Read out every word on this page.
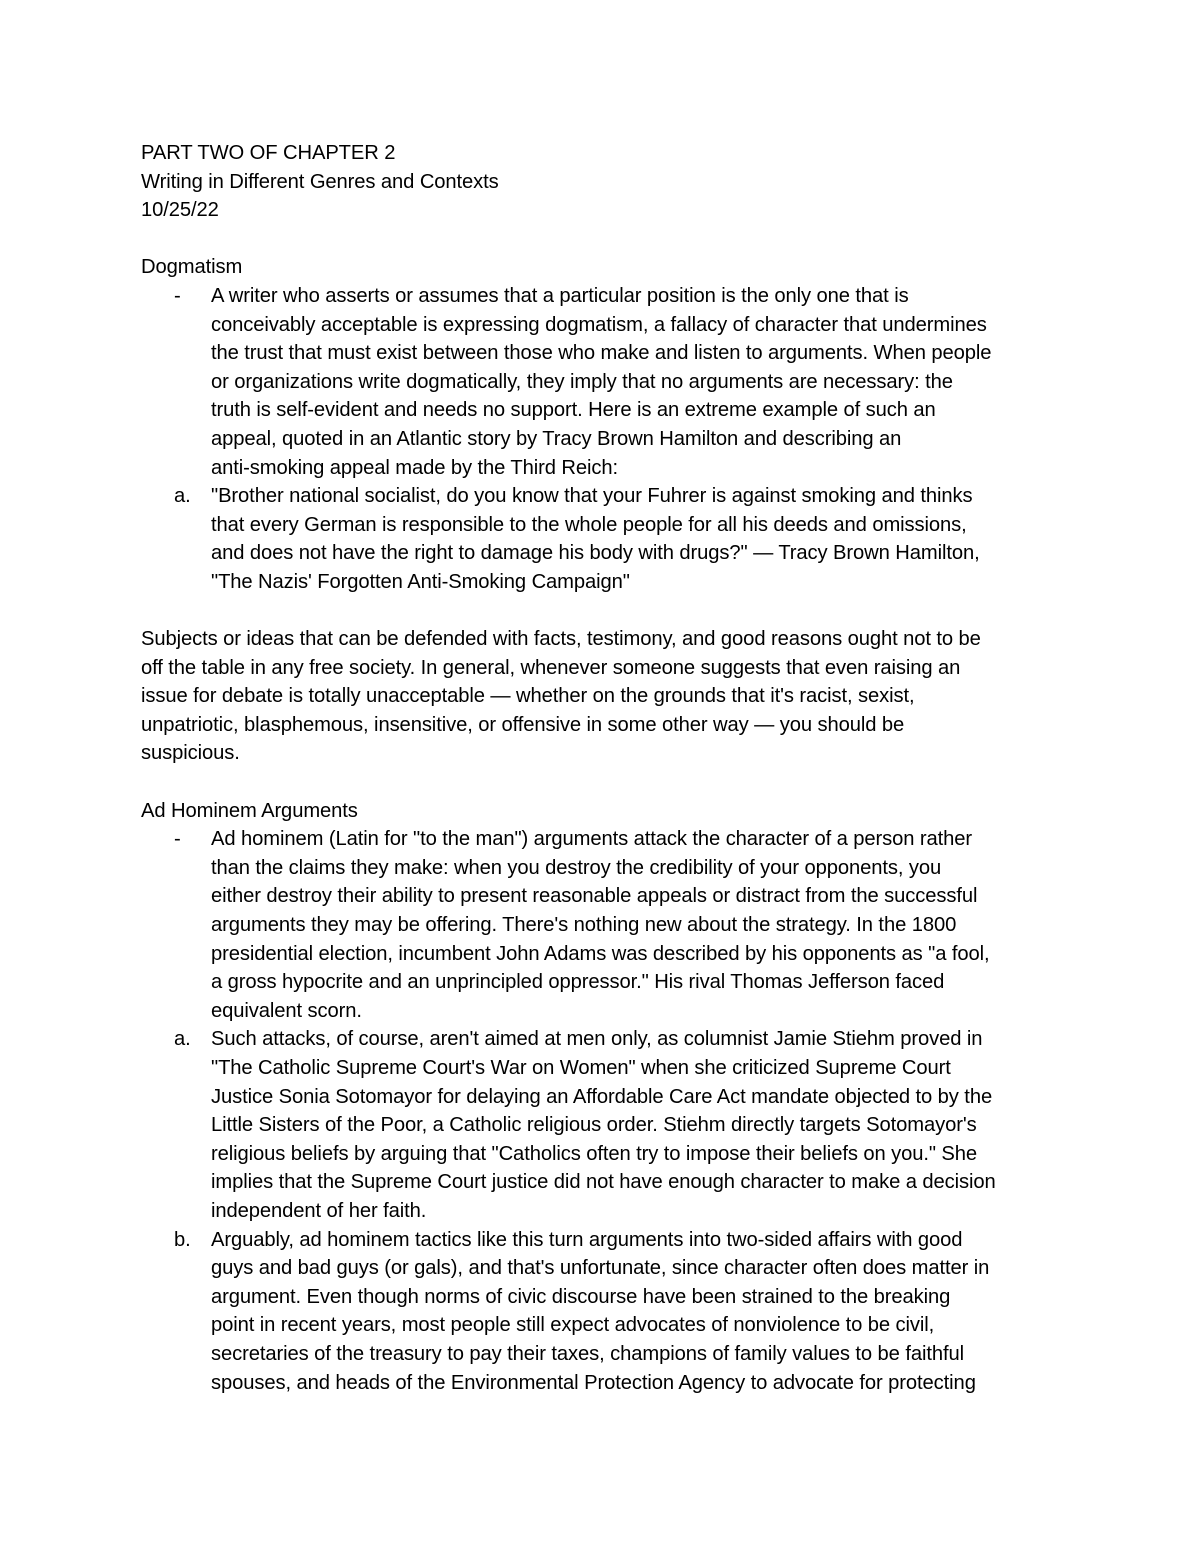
PART TWO OF CHAPTER 2
Writing in Different Genres and Contexts
10/25/22
Dogmatism
- A writer who asserts or assumes that a particular position is the only one that is
conceivably acceptable is expressing dogmatism, a fallacy of character that undermines
the trust that must exist between those who make and listen to arguments. When people
or organizations write dogmatically, they imply that no arguments are necessary: the
truth is self-evident and needs no support. Here is an extreme example of such an
appeal, quoted in an Atlantic story by Tracy Brown Hamilton and describing an
anti-smoking appeal made by the Third Reich:
a. "Brother national socialist, do you know that your Fuhrer is against smoking and thinks
that every German is responsible to the whole people for all his deeds and omissions,
and does not have the right to damage his body with drugs?" — Tracy Brown Hamilton,
"The Nazis' Forgotten Anti-Smoking Campaign"
Subjects or ideas that can be defended with facts, testimony, and good reasons ought not to be
off the table in any free society. In general, whenever someone suggests that even raising an
issue for debate is totally unacceptable — whether on the grounds that it's racist, sexist,
unpatriotic, blasphemous, insensitive, or offensive in some other way — you should be
suspicious.
Ad Hominem Arguments
- Ad hominem (Latin for "to the man") arguments attack the character of a person rather
than the claims they make: when you destroy the credibility of your opponents, you
either destroy their ability to present reasonable appeals or distract from the successful
arguments they may be offering. There's nothing new about the strategy. In the 1800
presidential election, incumbent John Adams was described by his opponents as "a fool,
a gross hypocrite and an unprincipled oppressor." His rival Thomas Jefferson faced
equivalent scorn.
a. Such attacks, of course, aren't aimed at men only, as columnist Jamie Stiehm proved in
"The Catholic Supreme Court's War on Women" when she criticized Supreme Court
Justice Sonia Sotomayor for delaying an Affordable Care Act mandate objected to by the
Little Sisters of the Poor, a Catholic religious order. Stiehm directly targets Sotomayor's
religious beliefs by arguing that "Catholics often try to impose their beliefs on you." She
implies that the Supreme Court justice did not have enough character to make a decision
independent of her faith.
b. Arguably, ad hominem tactics like this turn arguments into two-sided affairs with good
guys and bad guys (or gals), and that's unfortunate, since character often does matter in
argument. Even though norms of civic discourse have been strained to the breaking
point in recent years, most people still expect advocates of nonviolence to be civil,
secretaries of the treasury to pay their taxes, champions of family values to be faithful
spouses, and heads of the Environmental Protection Agency to advocate for protecting
